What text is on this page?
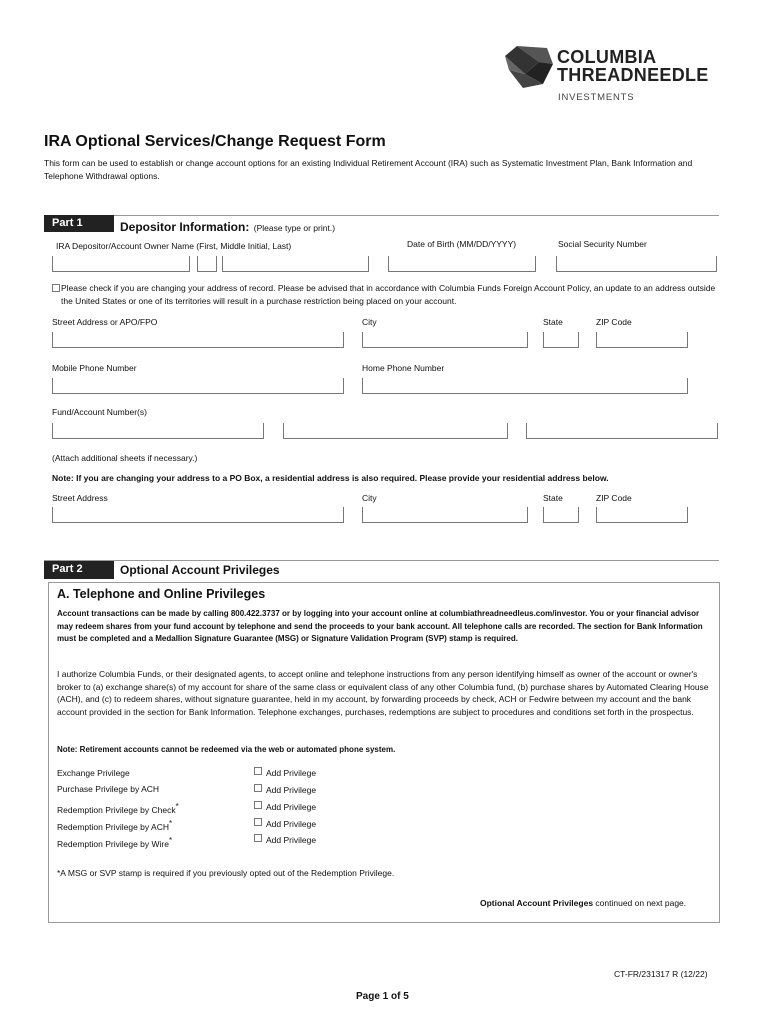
COLUMBIA
THREADNEEDLE
INVESTMENTS
IRA Optional Services/Change Request Form
This form can be used to establish or change account options for an existing Individual Retirement Account (IRA) such as Systematic Investment Plan, Bank Information and Telephone Withdrawal options.
Part 1	Depositor Information: (Please type or print.)
IRA Depositor/Account Owner Name (First, Middle Initial, Last)	Date of Birth (MM/DD/YYYY)	Social Security Number
Please check if you are changing your address of record. Please be advised that in accordance with Columbia Funds Foreign Account Policy, an update to an address outside the United States or one of its territories will result in a purchase restriction being placed on your account.
Street Address or APO/FPO	City	State	ZIP Code
Mobile Phone Number	Home Phone Number
Fund/Account Number(s)
(Attach additional sheets if necessary.)
Note: If you are changing your address to a PO Box, a residential address is also required. Please provide your residential address below.
Street Address	City	State	ZIP Code
Part 2	Optional Account Privileges
A. Telephone and Online Privileges
Account transactions can be made by calling 800.422.3737 or by logging into your account online at columbiathreadneedleus.com/investor. You or your financial advisor may redeem shares from your fund account by telephone and send the proceeds to your bank account. All telephone calls are recorded. The section for Bank Information must be completed and a Medallion Signature Guarantee (MSG) or Signature Validation Program (SVP) stamp is required.
I authorize Columbia Funds, or their designated agents, to accept online and telephone instructions from any person identifying himself as owner of the account or owner's broker to (a) exchange share(s) of my account for share of the same class or equivalent class of any other Columbia fund, (b) purchase shares by Automated Clearing House (ACH), and (c) to redeem shares, without signature guarantee, held in my account, by forwarding proceeds by check, ACH or Fedwire between my account and the bank account provided in the section for Bank Information. Telephone exchanges, purchases, redemptions are subject to procedures and conditions set forth in the prospectus.
Note: Retirement accounts cannot be redeemed via the web or automated phone system.
Exchange Privilege	Add Privilege
Purchase Privilege by ACH	Add Privilege
Redemption Privilege by Check*	Add Privilege
Redemption Privilege by ACH*	Add Privilege
Redemption Privilege by Wire*	Add Privilege
*A MSG or SVP stamp is required if you previously opted out of the Redemption Privilege.
Optional Account Privileges continued on next page.
CT-FR/231317 R (12/22)
Page 1 of 5
